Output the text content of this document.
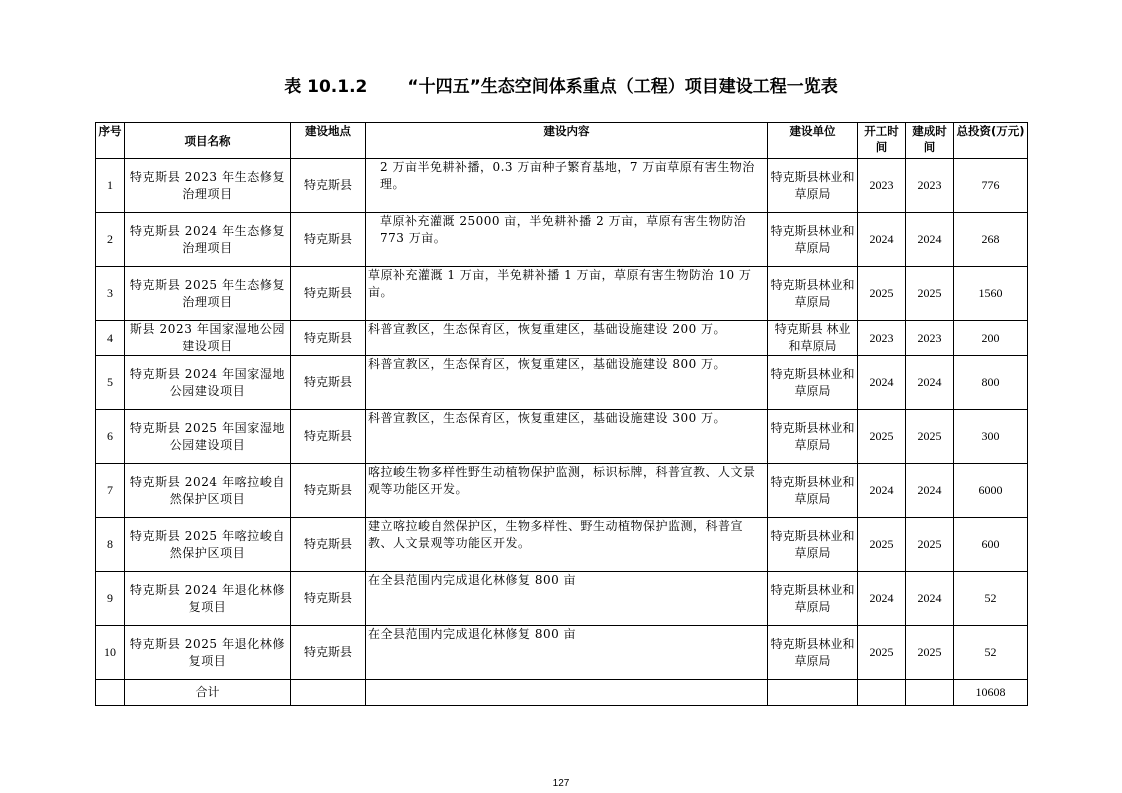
表 10.1.2 “十四五”生态空间体系重点（工程）项目建设工程一览表
序号	项目名称	建设地点	建设内容	建设单位	开工时间	建成时间	总投资(万元)
1	特克斯县 2023 年生态修复治理项目	特克斯县	2 万亩半免耕补播，0.3 万亩种子繁育基地，7 万亩草原有害生物治理。	特克斯县林业和草原局	2023	2023	776
2	特克斯县 2024 年生态修复治理项目	特克斯县	草原补充灌溉 25000 亩，半免耕补播 2 万亩，草原有害生物防治 773 万亩。	特克斯县林业和草原局	2024	2024	268
3	特克斯县 2025 年生态修复治理项目	特克斯县	草原补充灌溉 1 万亩，半免耕补播 1 万亩，草原有害生物防治 10 万亩。	特克斯县林业和草原局	2025	2025	1560
4	斯县 2023 年国家湿地公园建设项目	特克斯县	科普宣教区，生态保育区，恢复重建区，基础设施建设 200 万。	特克斯县 林业和草原局	2023	2023	200
5	特克斯县 2024 年国家湿地公园建设项目	特克斯县	科普宣教区，生态保育区，恢复重建区，基础设施建设 800 万。	特克斯县林业和草原局	2024	2024	800
6	特克斯县 2025 年国家湿地公园建设项目	特克斯县	科普宣教区，生态保育区，恢复重建区，基础设施建设 300 万。	特克斯县林业和草原局	2025	2025	300
7	特克斯县 2024 年喀拉峻自然保护区项目	特克斯县	喀拉峻生物多样性野生动植物保护监测，标识标牌，科普宣教、人文景观等功能区开发。	特克斯县林业和草原局	2024	2024	6000
8	特克斯县 2025 年喀拉峻自然保护区项目	特克斯县	建立喀拉峻自然保护区，生物多样性、野生动植物保护监测，科普宣教、人文景观等功能区开发。	特克斯县林业和草原局	2025	2025	600
9	特克斯县 2024 年退化林修复项目	特克斯县	在全县范围内完成退化林修复 800 亩	特克斯县林业和草原局	2024	2024	52
10	特克斯县 2025 年退化林修复项目	特克斯县	在全县范围内完成退化林修复 800 亩	特克斯县林业和草原局	2025	2025	52
	合计						10608
127
